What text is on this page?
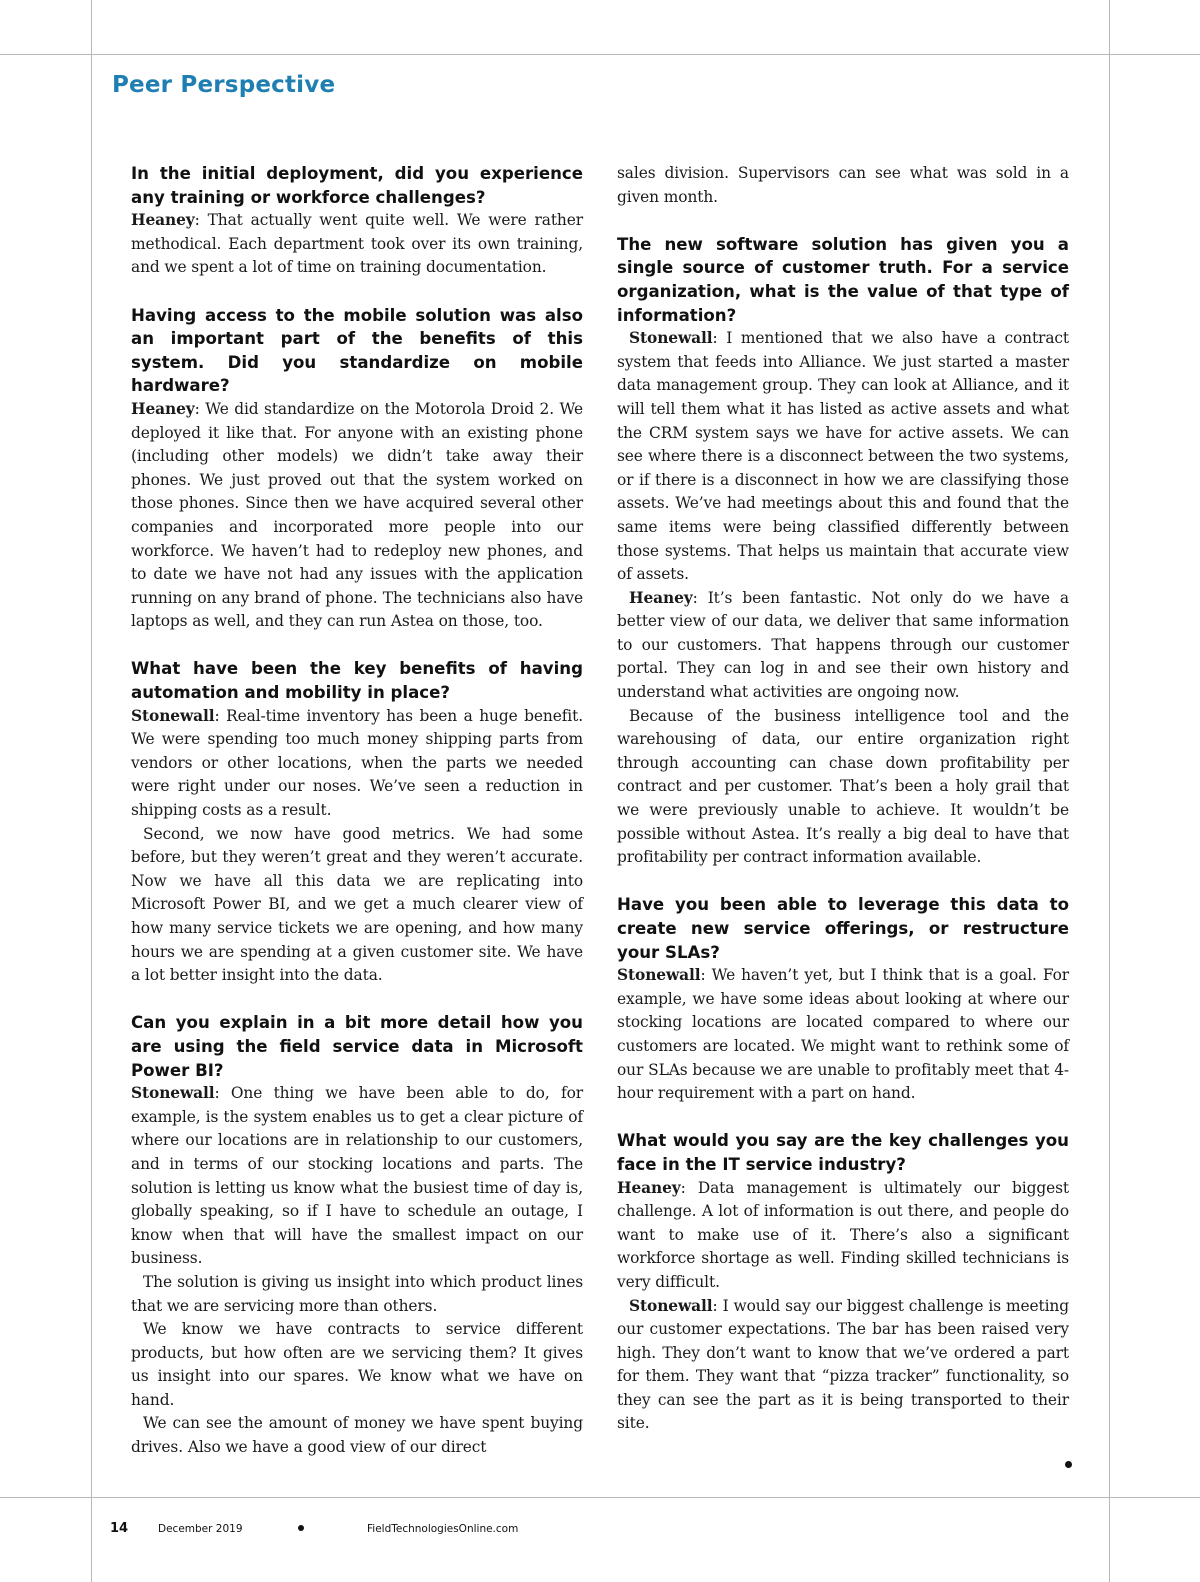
Peer Perspective

In the initial deployment, did you experience any training or workforce challenges?

Heaney: That actually went quite well. We were rather methodical. Each department took over its own training, and we spent a lot of time on training documentation.

Having access to the mobile solution was also an important part of the benefits of this system. Did you standardize on mobile hardware?

Heaney: We did standardize on the Motorola Droid 2. We deployed it like that. For anyone with an existing phone (including other models) we didn’t take away their phones. We just proved out that the system worked on those phones. Since then we have acquired several other companies and incorporated more people into our workforce. We haven’t had to redeploy new phones, and to date we have not had any issues with the application running on any brand of phone. The technicians also have laptops as well, and they can run Astea on those, too.

What have been the key benefits of having automation and mobility in place?

Stonewall: Real-time inventory has been a huge benefit. We were spending too much money shipping parts from vendors or other locations, when the parts we needed were right under our noses. We’ve seen a reduction in shipping costs as a result.

Second, we now have good metrics. We had some before, but they weren’t great and they weren’t accurate. Now we have all this data we are replicating into Microsoft Power BI, and we get a much clearer view of how many service tickets we are opening, and how many hours we are spending at a given customer site. We have a lot better insight into the data.

Can you explain in a bit more detail how you are using the field service data in Microsoft Power BI?

Stonewall: One thing we have been able to do, for example, is the system enables us to get a clear picture of where our locations are in relationship to our customers, and in terms of our stocking locations and parts. The solution is letting us know what the busiest time of day is, globally speaking, so if I have to schedule an outage, I know when that will have the smallest impact on our business.

The solution is giving us insight into which product lines that we are servicing more than others.

We know we have contracts to service different products, but how often are we servicing them? It gives us insight into our spares. We know what we have on hand.

We can see the amount of money we have spent buying drives. Also we have a good view of our direct

sales division. Supervisors can see what was sold in a given month.

The new software solution has given you a single source of customer truth. For a service organization, what is the value of that type of information?

Stonewall: I mentioned that we also have a contract system that feeds into Alliance. We just started a master data management group. They can look at Alliance, and it will tell them what it has listed as active assets and what the CRM system says we have for active assets. We can see where there is a disconnect between the two systems, or if there is a disconnect in how we are classifying those assets. We’ve had meetings about this and found that the same items were being classified differently between those systems. That helps us maintain that accurate view of assets.

Heaney: It’s been fantastic. Not only do we have a better view of our data, we deliver that same information to our customers. That happens through our customer portal. They can log in and see their own history and understand what activities are ongoing now.

Because of the business intelligence tool and the warehousing of data, our entire organization right through accounting can chase down profitability per contract and per customer. That’s been a holy grail that we were previously unable to achieve. It wouldn’t be possible without Astea. It’s really a big deal to have that profitability per contract information available.

Have you been able to leverage this data to create new service offerings, or restructure your SLAs?

Stonewall: We haven’t yet, but I think that is a goal. For example, we have some ideas about looking at where our stocking locations are located compared to where our customers are located. We might want to rethink some of our SLAs because we are unable to profitably meet that 4-hour requirement with a part on hand.

What would you say are the key challenges you face in the IT service industry?

Heaney: Data management is ultimately our biggest challenge. A lot of information is out there, and people do want to make use of it. There’s also a significant workforce shortage as well. Finding skilled technicians is very difficult.

Stonewall: I would say our biggest challenge is meeting our customer expectations. The bar has been raised very high. They don’t want to know that we’ve ordered a part for them. They want that “pizza tracker” functionality, so they can see the part as it is being transported to their site.

14	December 2019	FieldTechnologiesOnline.com
